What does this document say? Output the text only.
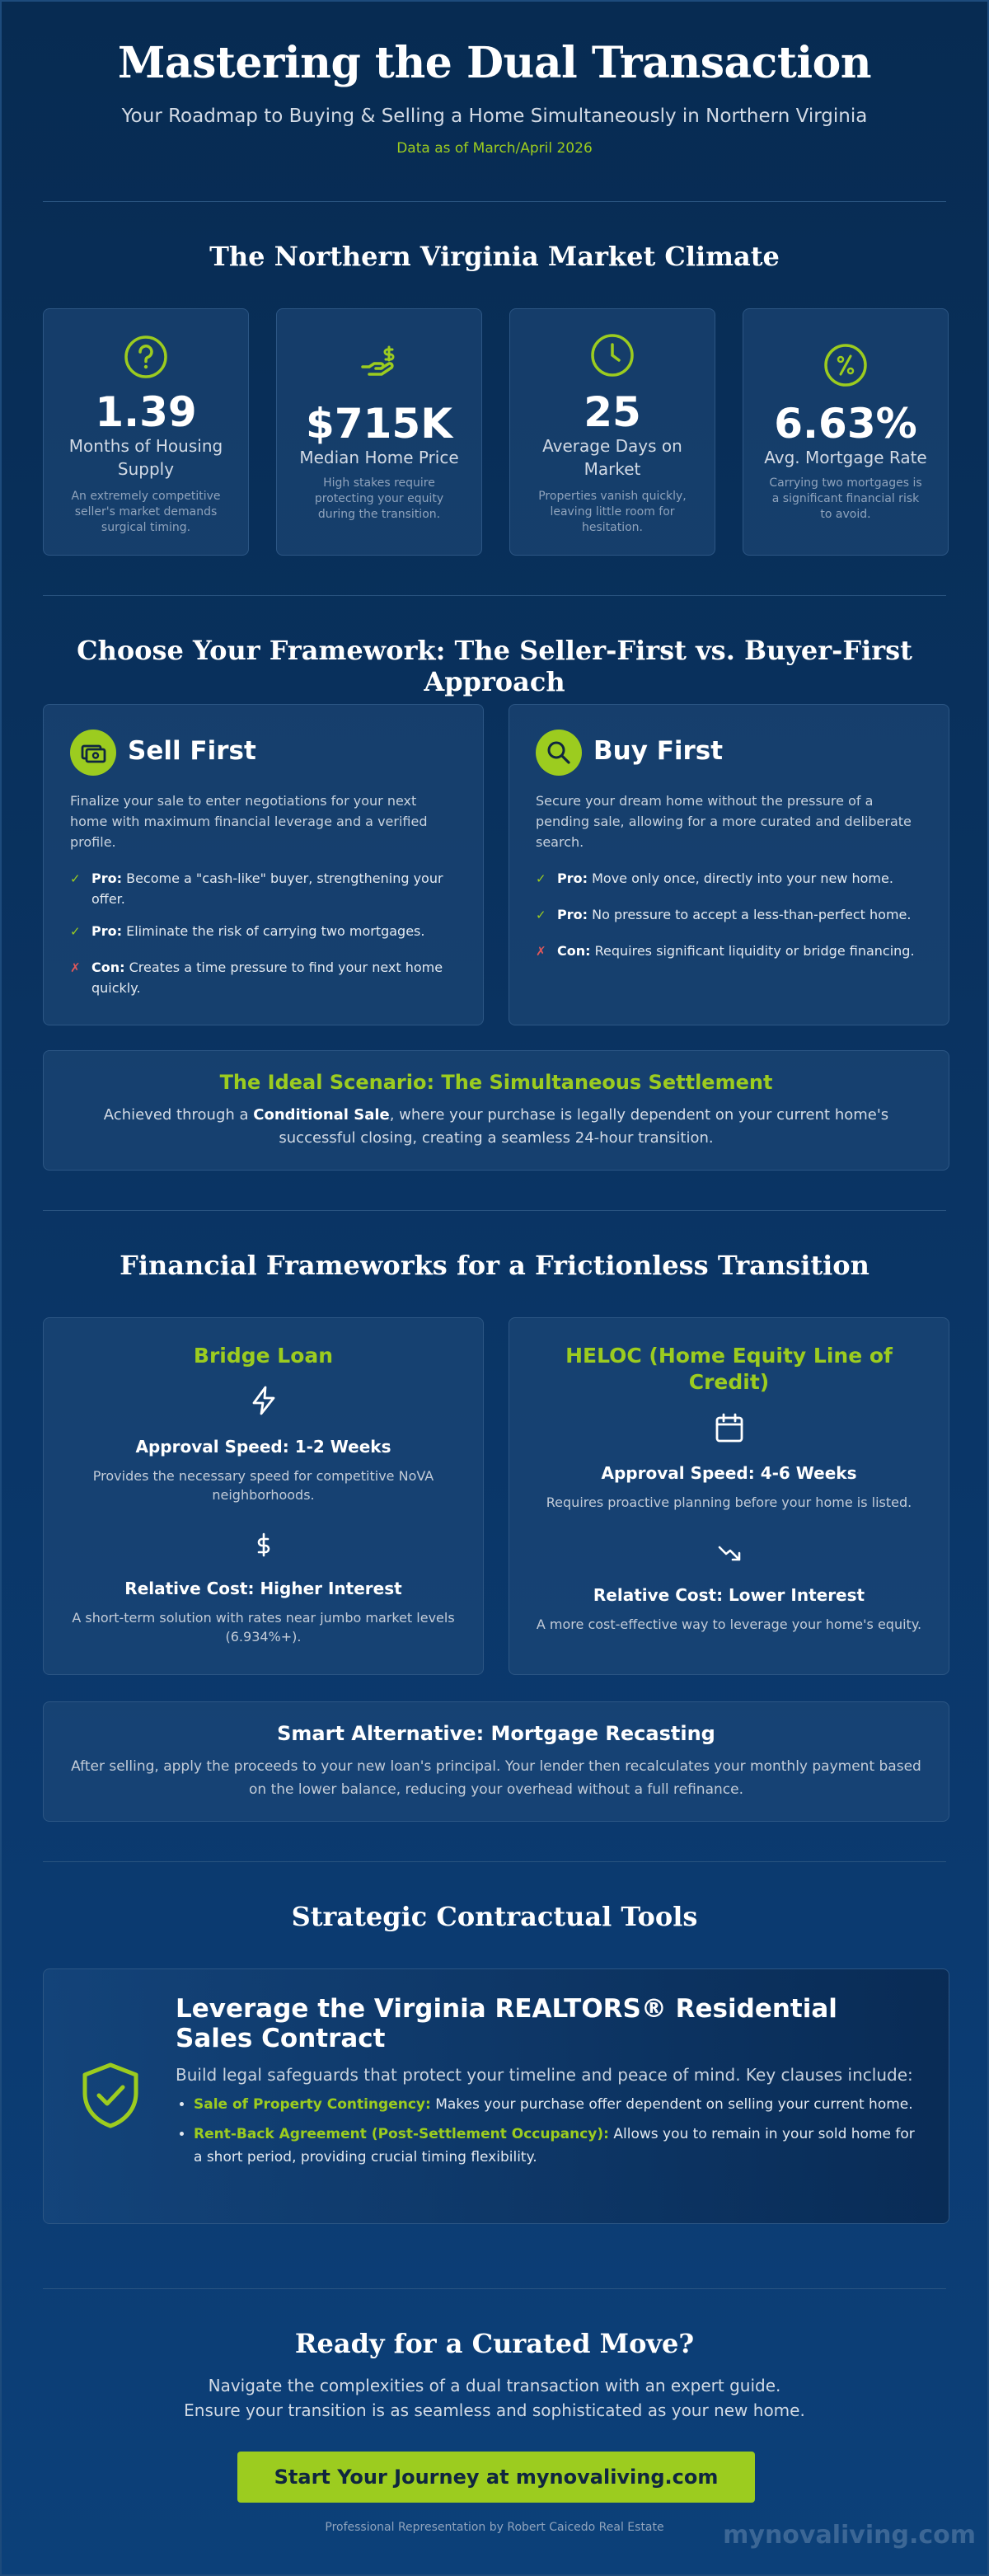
Mastering the Dual Transaction
Your Roadmap to Buying & Selling a Home Simultaneously in Northern Virginia
Data as of March/April 2026
The Northern Virginia Market Climate
1.39
Months of Housing Supply
An extremely competitive seller's market demands surgical timing.
$715K
Median Home Price
High stakes require protecting your equity during the transition.
25
Average Days on Market
Properties vanish quickly, leaving little room for hesitation.
6.63%
Avg. Mortgage Rate
Carrying two mortgages is a significant financial risk to avoid.
Choose Your Framework: The Seller-First vs. Buyer-First Approach
Sell First
Finalize your sale to enter negotiations for your next home with maximum financial leverage and a verified profile.
✓ Pro: Become a "cash-like" buyer, strengthening your offer.
✓ Pro: Eliminate the risk of carrying two mortgages.
✗ Con: Creates a time pressure to find your next home quickly.
Buy First
Secure your dream home without the pressure of a pending sale, allowing for a more curated and deliberate search.
✓ Pro: Move only once, directly into your new home.
✓ Pro: No pressure to accept a less-than-perfect home.
✗ Con: Requires significant liquidity or bridge financing.
The Ideal Scenario: The Simultaneous Settlement
Achieved through a Conditional Sale, where your purchase is legally dependent on your current home's successful closing, creating a seamless 24-hour transition.
Financial Frameworks for a Frictionless Transition
Bridge Loan
Approval Speed: 1-2 Weeks
Provides the necessary speed for competitive NoVA neighborhoods.
Relative Cost: Higher Interest
A short-term solution with rates near jumbo market levels (6.934%+).
HELOC (Home Equity Line of Credit)
Approval Speed: 4-6 Weeks
Requires proactive planning before your home is listed.
Relative Cost: Lower Interest
A more cost-effective way to leverage your home's equity.
Smart Alternative: Mortgage Recasting
After selling, apply the proceeds to your new loan's principal. Your lender then recalculates your monthly payment based on the lower balance, reducing your overhead without a full refinance.
Strategic Contractual Tools
Leverage the Virginia REALTORS® Residential Sales Contract
Build legal safeguards that protect your timeline and peace of mind. Key clauses include:
• Sale of Property Contingency: Makes your purchase offer dependent on selling your current home.
• Rent-Back Agreement (Post-Settlement Occupancy): Allows you to remain in your sold home for a short period, providing crucial timing flexibility.
Ready for a Curated Move?
Navigate the complexities of a dual transaction with an expert guide.
Ensure your transition is as seamless and sophisticated as your new home.
Start Your Journey at mynovaliving.com
Professional Representation by Robert Caicedo Real Estate	mynovaliving.com
